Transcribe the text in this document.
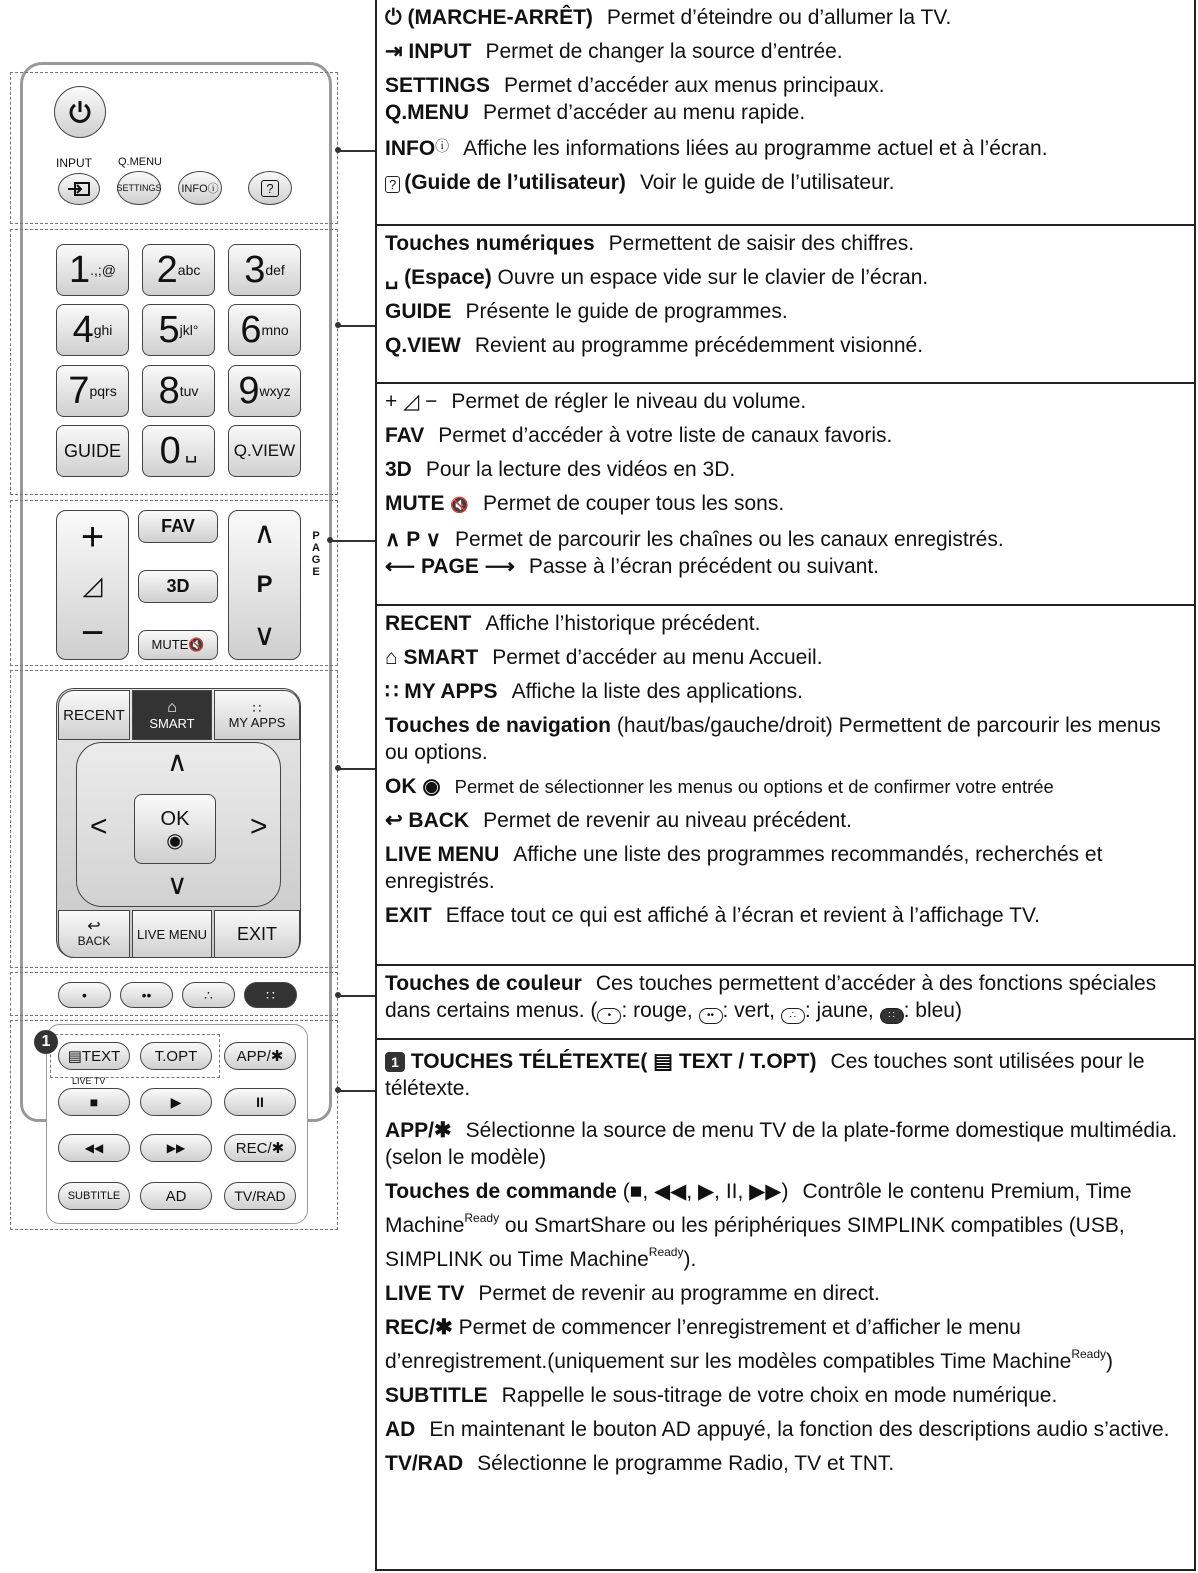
INPUT Q.MENU
SETTINGS INFOⓘ	?
1 .,;@ 2 abc 3 def
4 ghi 5 jkl° 6 mno
7 pqrs 8 tuv 9 wxyz
GUIDE 0 ␣ Q.VIEW
+
◿
−
FAV
3D
MUTE🔇
∧
P
∨
PAGE
RECENT	⌂
SMART
∷
MY APPS
∧
∨
<	>
OK
◉
↩
BACK LIVE MENU EXIT
•	••	∴	∷
1
▤TEXT T.OPT	APP/✱
LIVE TV
■	▶	II
◀◀	▶▶	REC/✱
SUBTITLE	AD	TV/RAD
⏻ (MARCHE-ARRÊT) Permet d’éteindre ou d’allumer la TV.
⇥ INPUT Permet de changer la source d’entrée.
SETTINGS Permet d’accéder aux menus principaux.
Q.MENU Permet d’accéder au menu rapide.
INFOⓘ Affiche les informations liées au programme actuel et à l’écran.
? (Guide de l’utilisateur) Voir le guide de l’utilisateur.
Touches numériques Permettent de saisir des chiffres.
␣ (Espace) Ouvre un espace vide sur le clavier de l’écran.
GUIDE Présente le guide de programmes.
Q.VIEW Revient au programme précédemment visionné.
+ ◿ − Permet de régler le niveau du volume.
FAV Permet d’accéder à votre liste de canaux favoris.
3D Pour la lecture des vidéos en 3D.
MUTE 🔇 Permet de couper tous les sons.
∧ P ∨ Permet de parcourir les chaînes ou les canaux enregistrés.
⟵ PAGE ⟶ Passe à l’écran précédent ou suivant.
RECENT Affiche l’historique précédent.
⌂ SMART Permet d’accéder au menu Accueil.
∷ MY APPS Affiche la liste des applications.
Touches de navigation (haut/bas/gauche/droit) Permettent de parcourir les menus ou options.
OK ◉ Permet de sélectionner les menus ou options et de confirmer votre entrée
↩ BACK Permet de revenir au niveau précédent.
LIVE MENU Affiche une liste des programmes recommandés, recherchés et enregistrés.
EXIT Efface tout ce qui est affiché à l’écran et revient à l’affichage TV.
Touches de couleur Ces touches permettent d’accéder à des fonctions spéciales dans certains menus. ( • : rouge, •• : vert, ∴ : jaune, ∷ : bleu)
1 TOUCHES TÉLÉTEXTE( ▤ TEXT / T.OPT) Ces touches sont utilisées pour le télétexte.
APP/✱ Sélectionne la source de menu TV de la plate-forme domestique multimédia. (selon le modèle)
Touches de commande (■, ◀◀, ▶, II, ▶▶) Contrôle le contenu Premium, Time Machine$^{Ready}$ ou SmartShare ou les périphériques SIMPLINK compatibles (USB, SIMPLINK ou Time Machine$^{Ready}$).
LIVE TV Permet de revenir au programme en direct.
REC/✱ Permet de commencer l’enregistrement et d’afficher le menu d’enregistrement.(uniquement sur les modèles compatibles Time Machine$^{Ready}$)
SUBTITLE Rappelle le sous-titrage de votre choix en mode numérique.
AD En maintenant le bouton AD appuyé, la fonction des descriptions audio s’active.
TV/RAD Sélectionne le programme Radio, TV et TNT.
